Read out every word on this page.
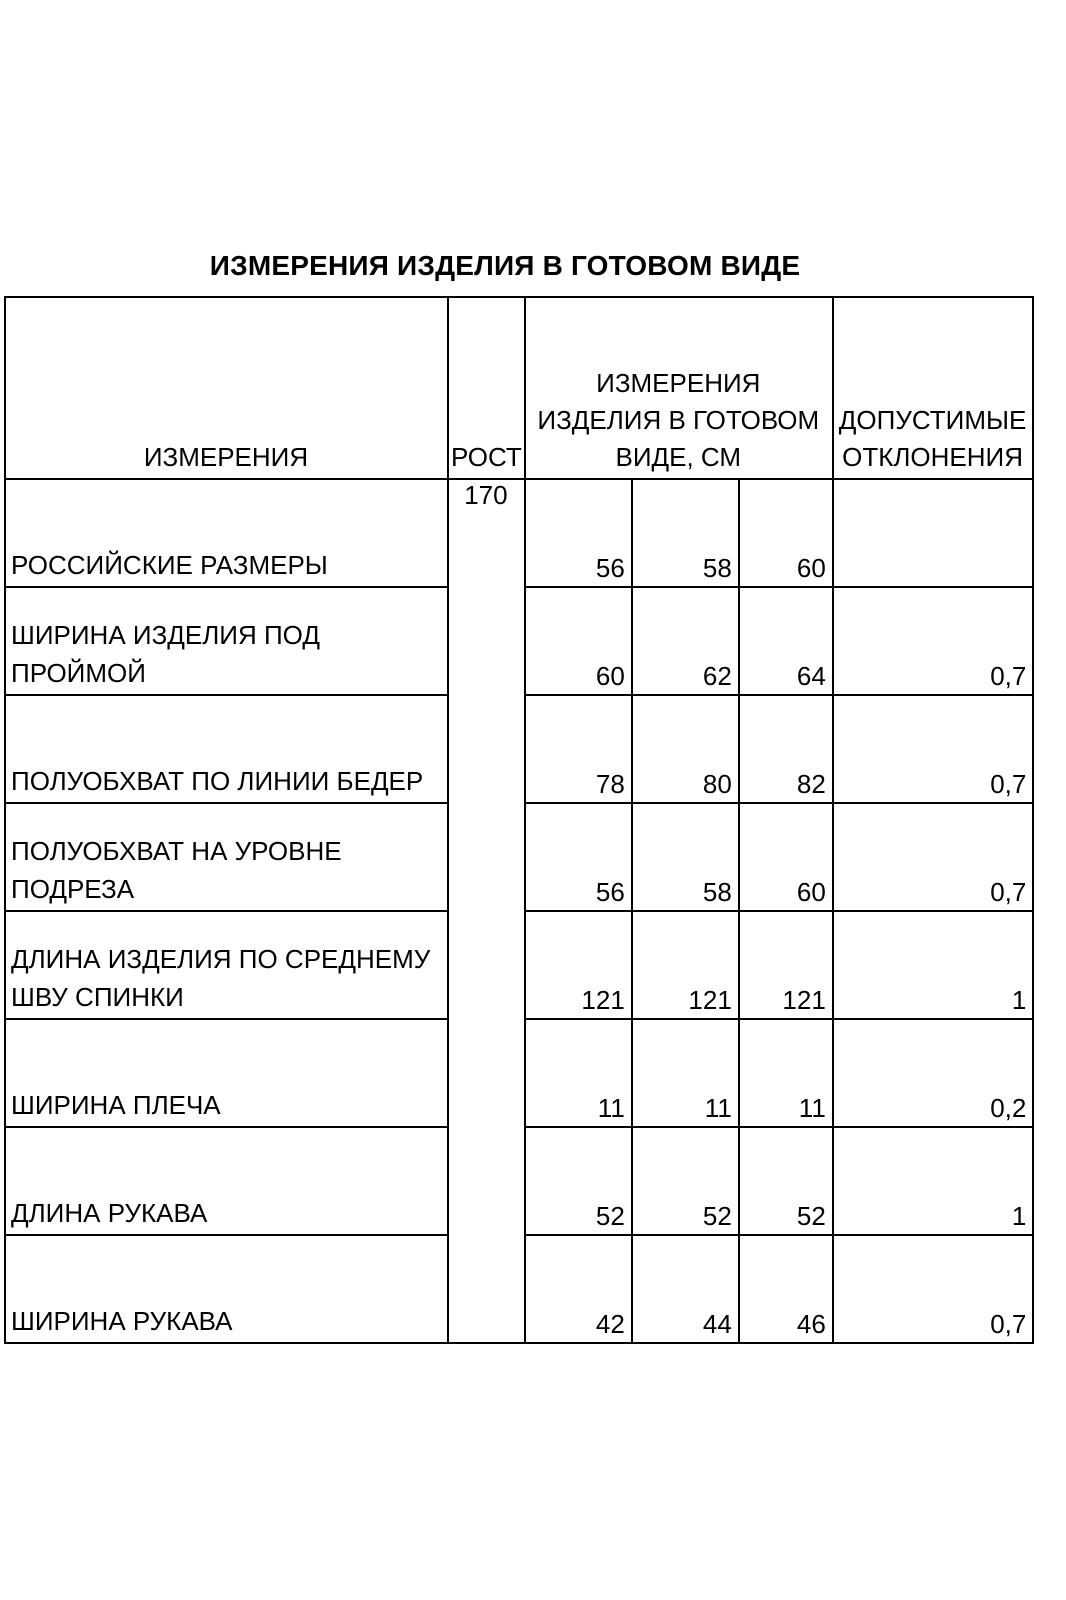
ИЗМЕРЕНИЯ ИЗДЕЛИЯ В ГОТОВОМ ВИДЕ
ИЗМЕРЕНИЯ	РОСТ	ИЗМЕРЕНИЯ ИЗДЕЛИЯ В ГОТОВОМ ВИДЕ, СМ			ДОПУСТИМЫЕ ОТКЛОНЕНИЯ
РОССИЙСКИЕ РАЗМЕРЫ	170	56	58	60	
ШИРИНА ИЗДЕЛИЯ ПОД ПРОЙМОЙ		60	62	64	0,7
ПОЛУОБХВАТ ПО ЛИНИИ БЕДЕР		78	80	82	0,7
ПОЛУОБХВАТ НА УРОВНЕ ПОДРЕЗА		56	58	60	0,7
ДЛИНА ИЗДЕЛИЯ ПО СРЕДНЕМУ ШВУ СПИНКИ		121	121	121	1
ШИРИНА ПЛЕЧА		11	11	11	0,2
ДЛИНА РУКАВА		52	52	52	1
ШИРИНА РУКАВА		42	44	46	0,7
